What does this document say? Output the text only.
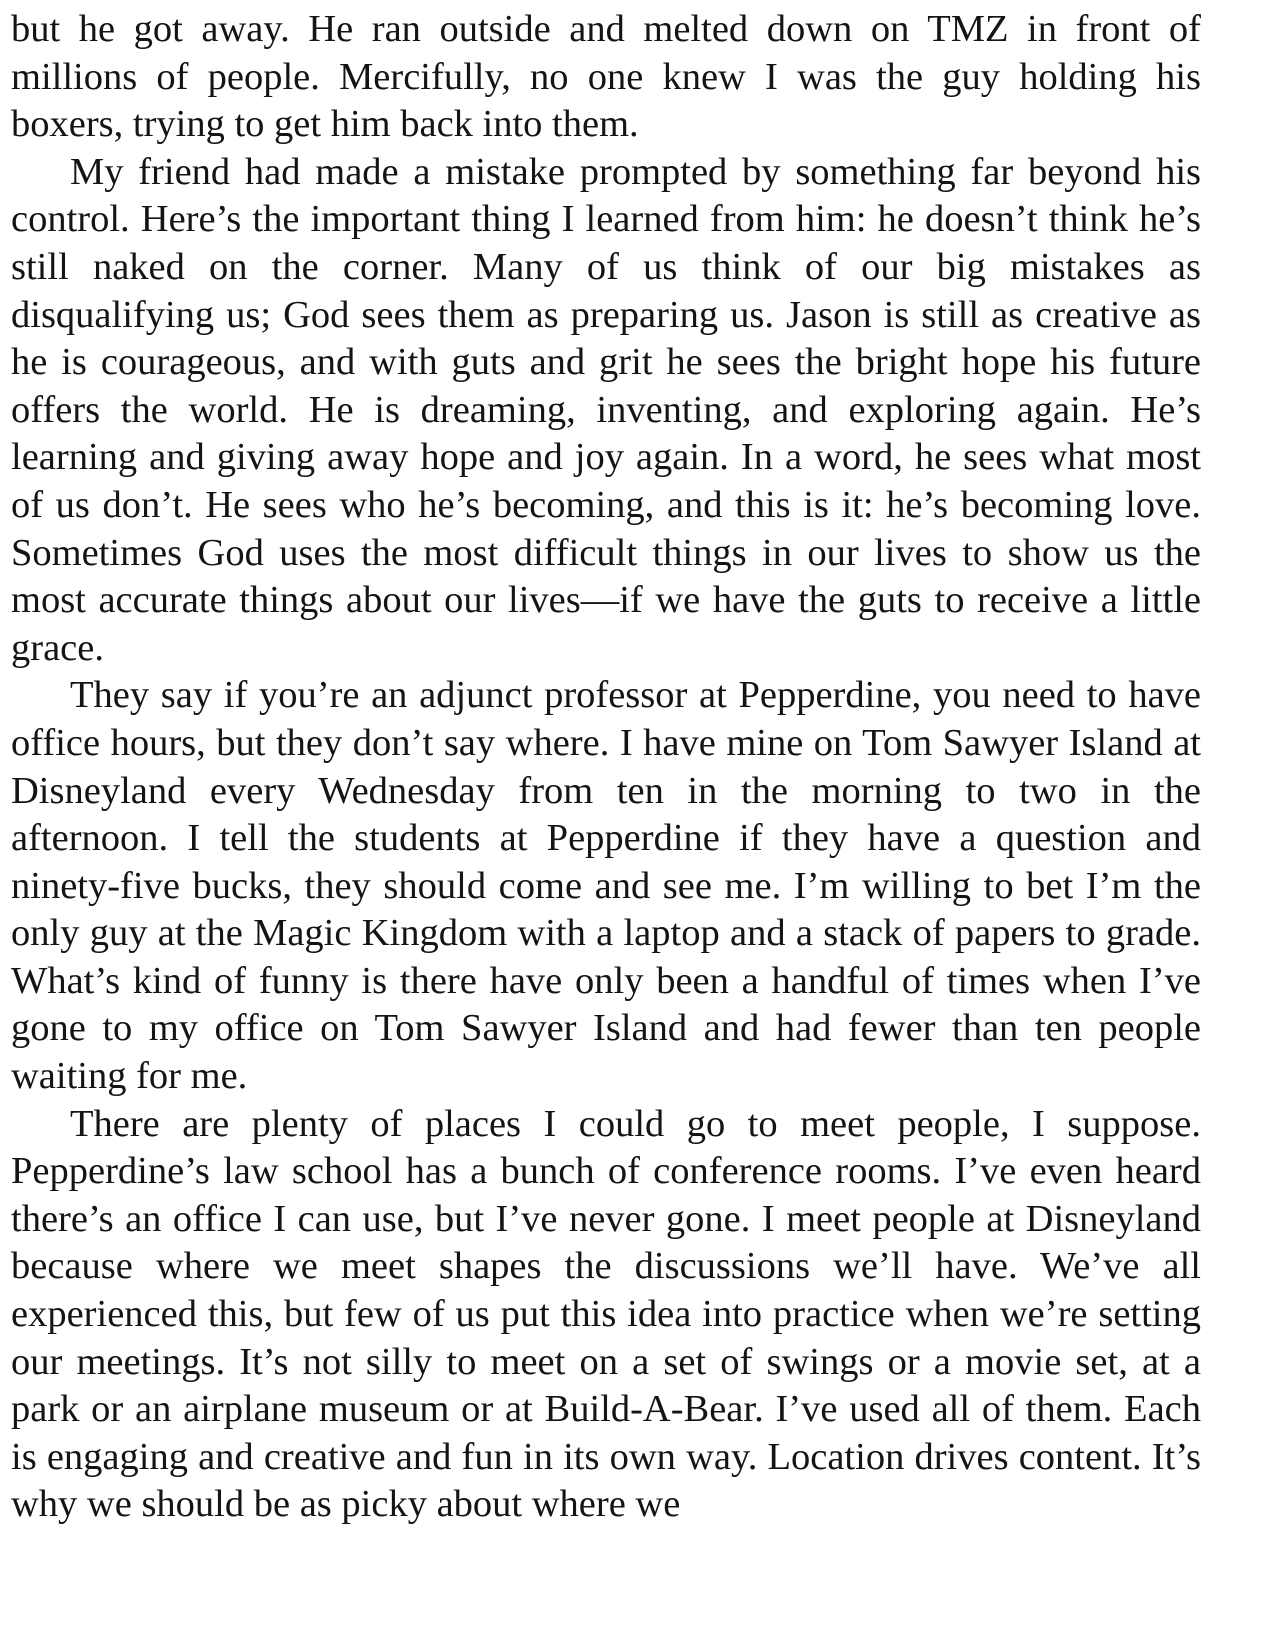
but he got away. He ran outside and melted down on TMZ in front of millions of people. Mercifully, no one knew I was the guy holding his boxers, trying to get him back into them.

My friend had made a mistake prompted by something far beyond his control. Here’s the important thing I learned from him: he doesn’t think he’s still naked on the corner. Many of us think of our big mistakes as disqualifying us; God sees them as preparing us. Jason is still as creative as he is courageous, and with guts and grit he sees the bright hope his future offers the world. He is dreaming, inventing, and exploring again. He’s learning and giving away hope and joy again. In a word, he sees what most of us don’t. He sees who he’s becoming, and this is it: he’s becoming love. Sometimes God uses the most difficult things in our lives to show us the most accurate things about our lives—if we have the guts to receive a little grace.

They say if you’re an adjunct professor at Pepperdine, you need to have office hours, but they don’t say where. I have mine on Tom Sawyer Island at Disneyland every Wednesday from ten in the morning to two in the afternoon. I tell the students at Pepperdine if they have a question and ninety-five bucks, they should come and see me. I’m willing to bet I’m the only guy at the Magic Kingdom with a laptop and a stack of papers to grade. What’s kind of funny is there have only been a handful of times when I’ve gone to my office on Tom Sawyer Island and had fewer than ten people waiting for me.

There are plenty of places I could go to meet people, I suppose. Pepperdine’s law school has a bunch of conference rooms. I’ve even heard there’s an office I can use, but I’ve never gone. I meet people at Disneyland because where we meet shapes the discussions we’ll have. We’ve all experienced this, but few of us put this idea into practice when we’re setting our meetings. It’s not silly to meet on a set of swings or a movie set, at a park or an airplane museum or at Build-A-Bear. I’ve used all of them. Each is engaging and creative and fun in its own way. Location drives content. It’s why we should be as picky about where we
